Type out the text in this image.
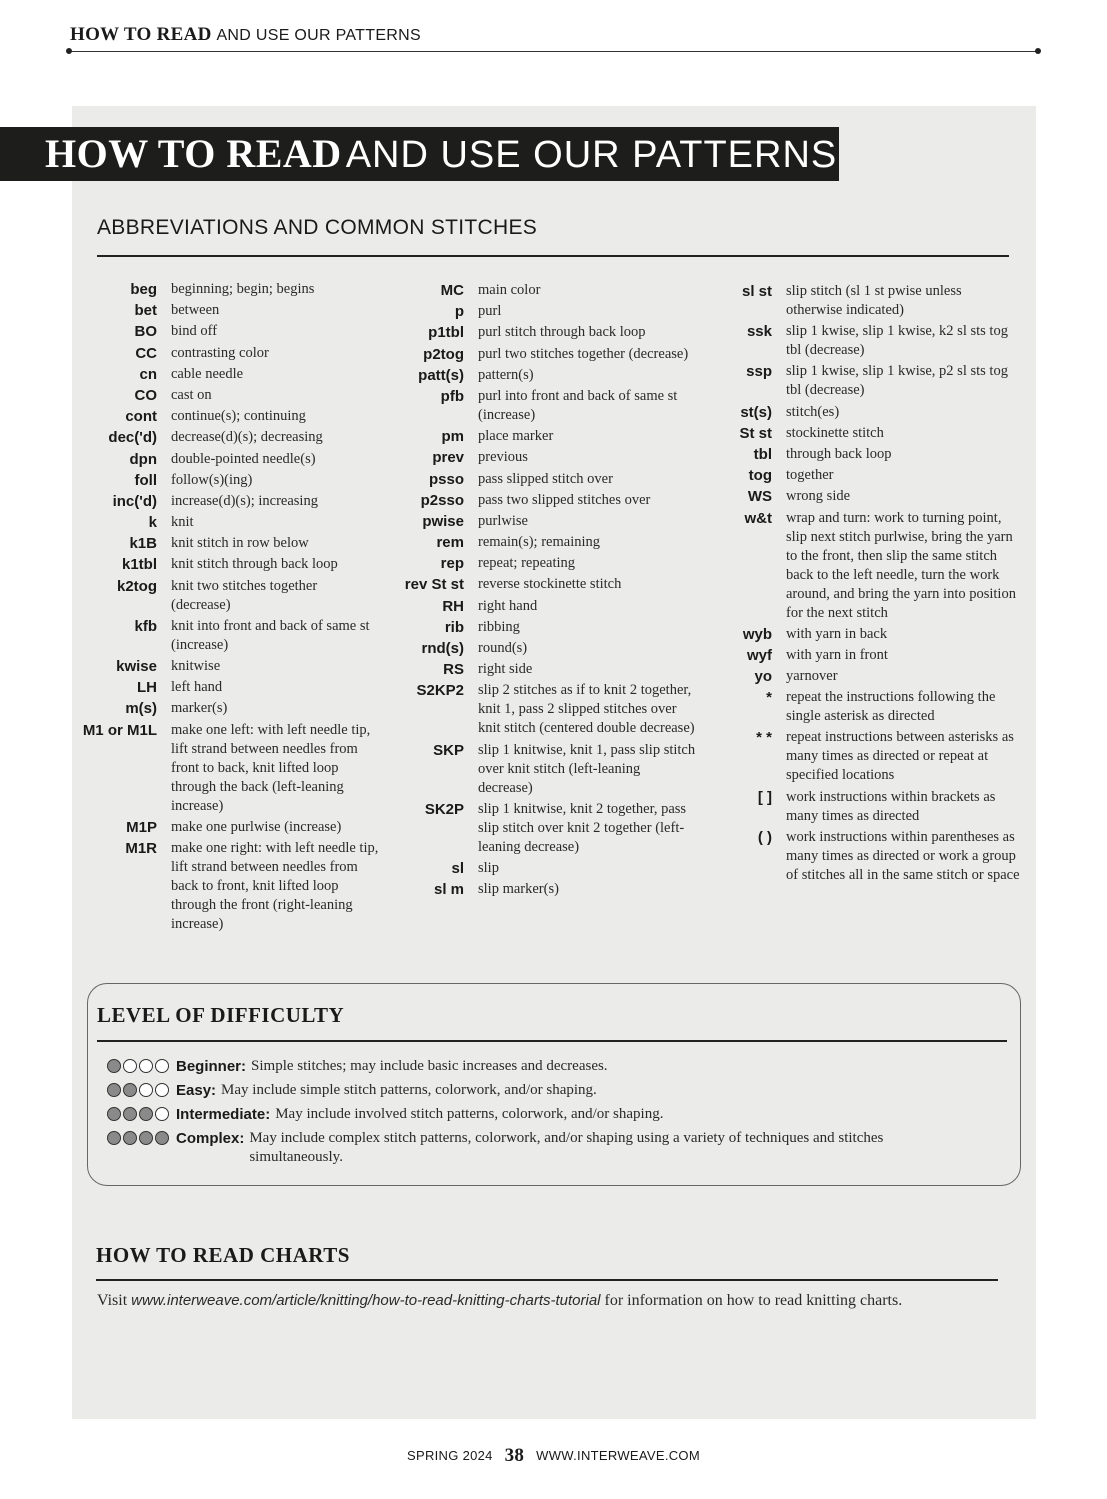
HOW TO READ AND USE OUR PATTERNS
HOW TO READ AND USE OUR PATTERNS
ABBREVIATIONS AND COMMON STITCHES
beg beginning; begin; begins
bet between
BO bind off
CC contrasting color
cn cable needle
CO cast on
cont continue(s); continuing
dec('d) decrease(d)(s); decreasing
dpn double-pointed needle(s)
foll follow(s)(ing)
inc('d) increase(d)(s); increasing
k knit
k1B knit stitch in row below
k1tbl knit stitch through back loop
k2tog knit two stitches together (decrease)
kfb knit into front and back of same st (increase)
kwise knitwise
LH left hand
m(s) marker(s)
M1 or M1L make one left: with left needle tip, lift strand between needles from front to back, knit lifted loop through the back (left-leaning increase)
M1P make one purlwise (increase)
M1R make one right: with left needle tip, lift strand between needles from back to front, knit lifted loop through the front (right-leaning increase)
MC main color
p purl
p1tbl purl stitch through back loop
p2tog purl two stitches together (decrease)
patt(s) pattern(s)
pfb purl into front and back of same st (increase)
pm place marker
prev previous
psso pass slipped stitch over
p2sso pass two slipped stitches over
pwise purlwise
rem remain(s); remaining
rep repeat; repeating
rev St st reverse stockinette stitch
RH right hand
rib ribbing
rnd(s) round(s)
RS right side
S2KP2 slip 2 stitches as if to knit 2 together, knit 1, pass 2 slipped stitches over knit stitch (centered double decrease)
SKP slip 1 knitwise, knit 1, pass slip stitch over knit stitch (left-leaning decrease)
SK2P slip 1 knitwise, knit 2 together, pass slip stitch over knit 2 together (left-leaning decrease)
sl slip
sl m slip marker(s)
sl st slip stitch (sl 1 st pwise unless otherwise indicated)
ssk slip 1 kwise, slip 1 kwise, k2 sl sts tog tbl (decrease)
ssp slip 1 kwise, slip 1 kwise, p2 sl sts tog tbl (decrease)
st(s) stitch(es)
St st stockinette stitch
tbl through back loop
tog together
WS wrong side
w&t wrap and turn: work to turning point, slip next stitch purlwise, bring the yarn to the front, then slip the same stitch back to the left needle, turn the work around, and bring the yarn into position for the next stitch
wyb with yarn in back
wyf with yarn in front
yo yarnover
* repeat the instructions following the single asterisk as directed
* * repeat instructions between asterisks as many times as directed or repeat at specified locations
[ ] work instructions within brackets as many times as directed
( ) work instructions within parentheses as many times as directed or work a group of stitches all in the same stitch or space
LEVEL OF DIFFICULTY
Beginner: Simple stitches; may include basic increases and decreases.
Easy: May include simple stitch patterns, colorwork, and/or shaping.
Intermediate: May include involved stitch patterns, colorwork, and/or shaping.
Complex: May include complex stitch patterns, colorwork, and/or shaping using a variety of techniques and stitches simultaneously.
HOW TO READ CHARTS
Visit www.interweave.com/article/knitting/how-to-read-knitting-charts-tutorial for information on how to read knitting charts.
SPRING 2024 38 WWW.INTERWEAVE.COM
